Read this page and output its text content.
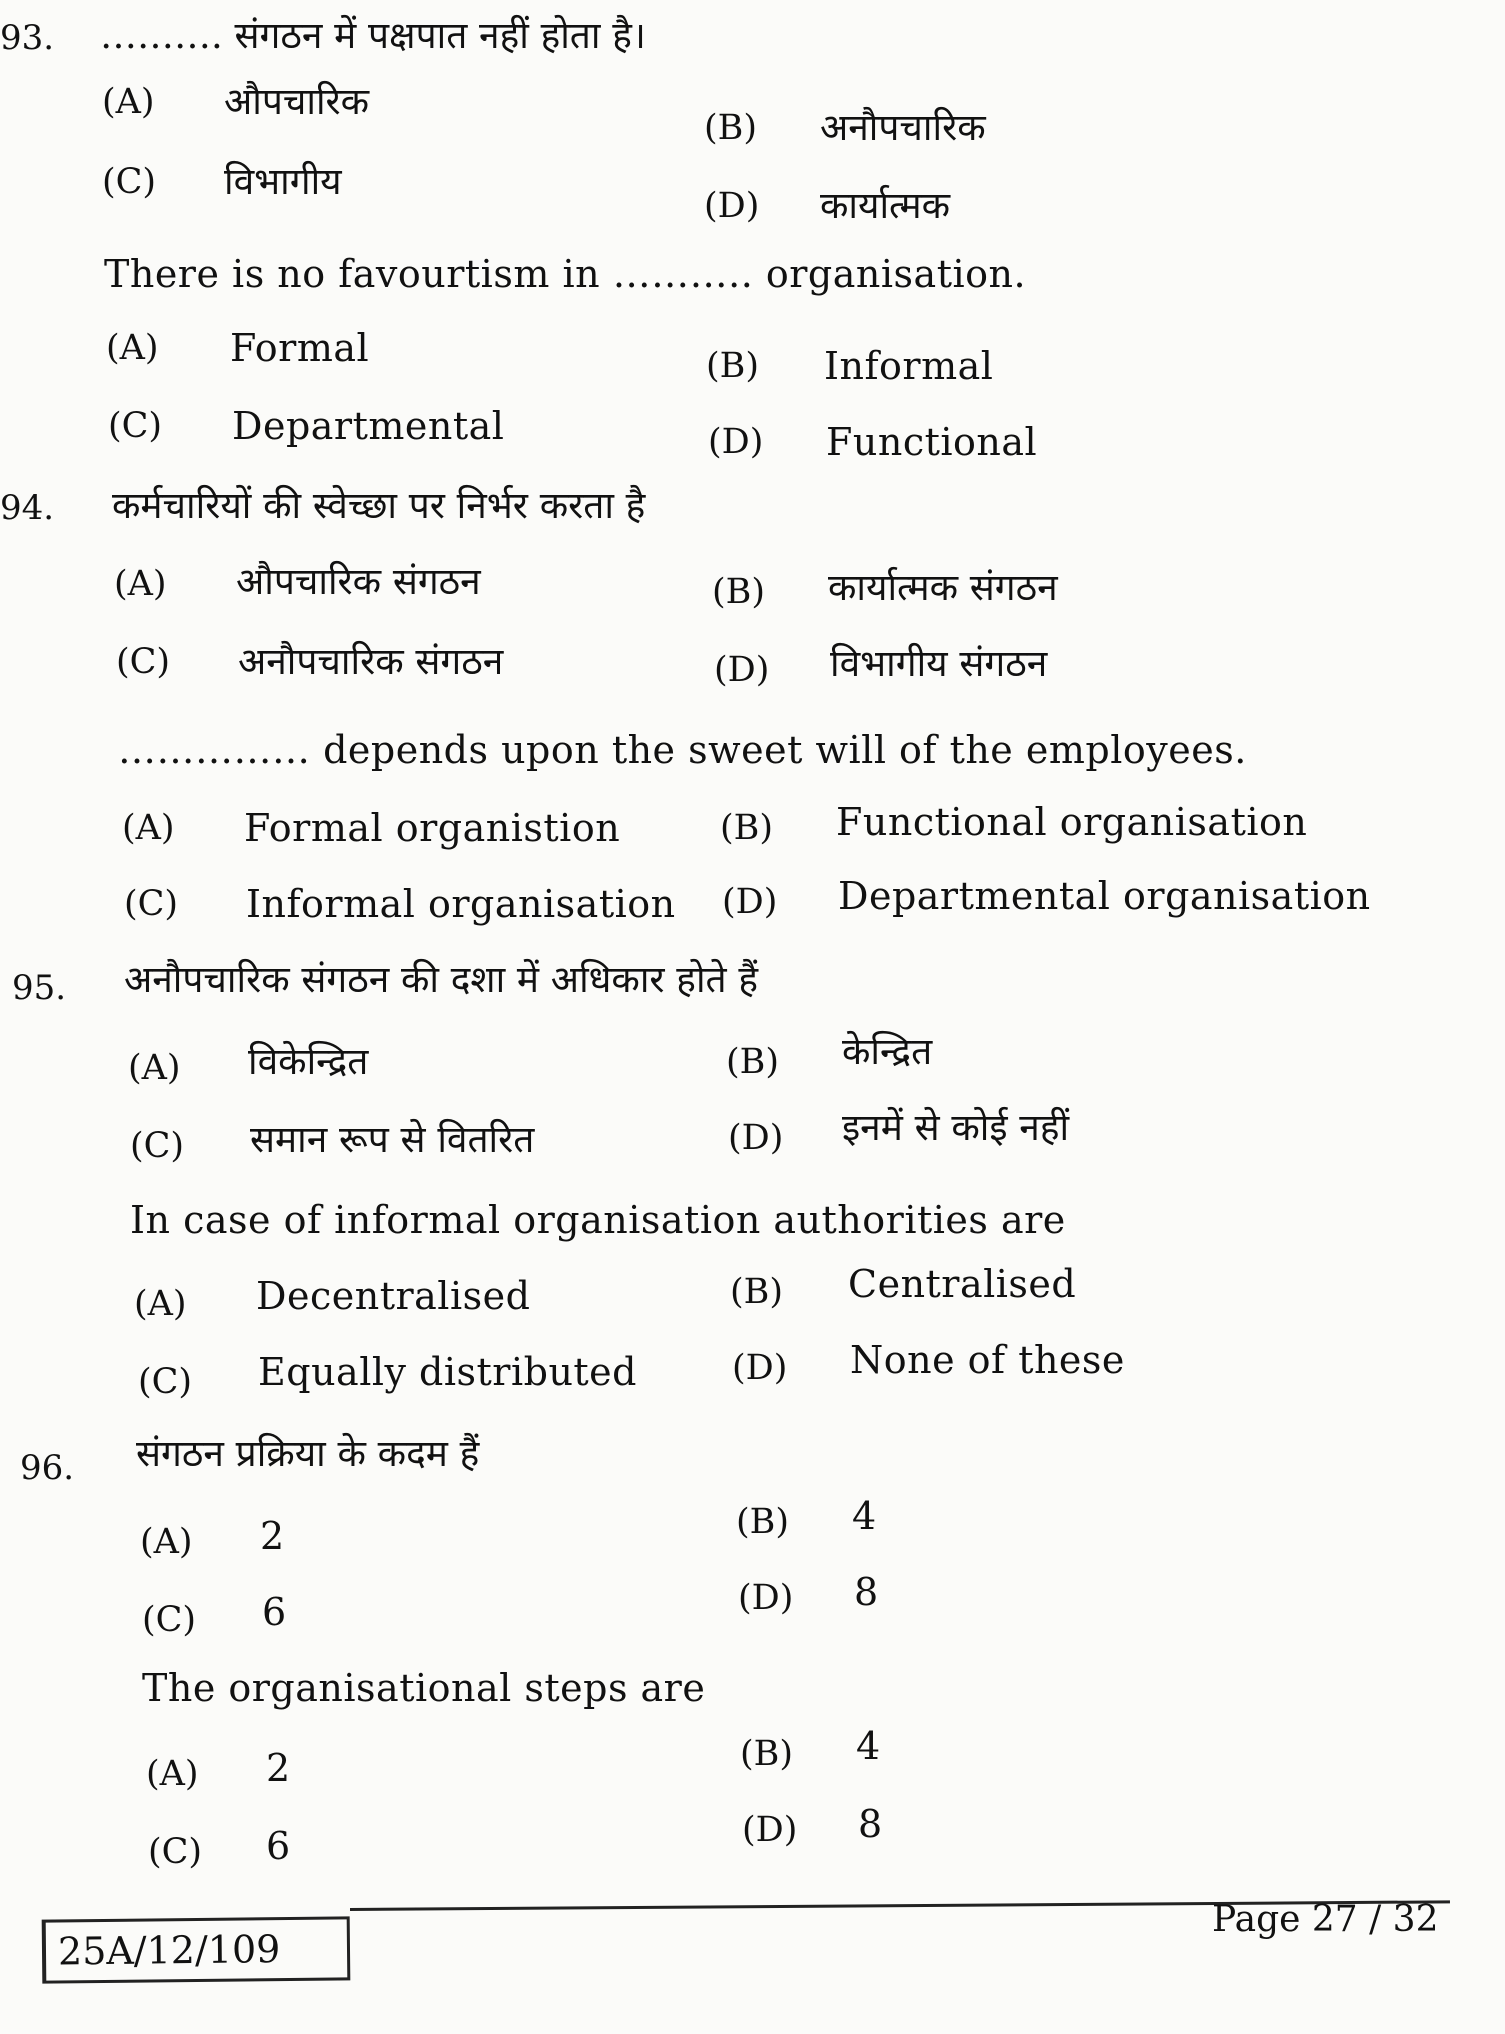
93. ………. संगठन में पक्षपात नहीं होता है।
(A) औपचारिक
(B) अनौपचारिक
(C) विभागीय
(D) कार्यात्मक
There is no favourtism in ……….. organisation.
(A) Formal	(B) Informal
(C) Departmental	(D) Functional
94. कर्मचारियों की स्वेच्छा पर निर्भर करता है
(A) औपचारिक संगठन	(B) कार्यात्मक संगठन
(C) अनौपचारिक संगठन	(D) विभागीय संगठन
…………… depends upon the sweet will of the employees.
(A) Formal organistion	(B) Functional organisation
(C) Informal organisation (D) Departmental organisation
95. अनौपचारिक संगठन की दशा में अधिकार होते हैं
(A) विकेन्द्रित	(B) केन्द्रित
(C) समान रूप से वितरित	(D) इनमें से कोई नहीं
In case of informal organisation authorities are
(A) Decentralised	(B) Centralised
(C) Equally distributed	(D) None of these
96. संगठन प्रक्रिया के कदम हैं
(A) 2	(B) 4
(C) 6	(D) 8
The organisational steps are
(A) 2	(B) 4
(C) 6	(D) 8
25A/12/109
Page 27 / 32
